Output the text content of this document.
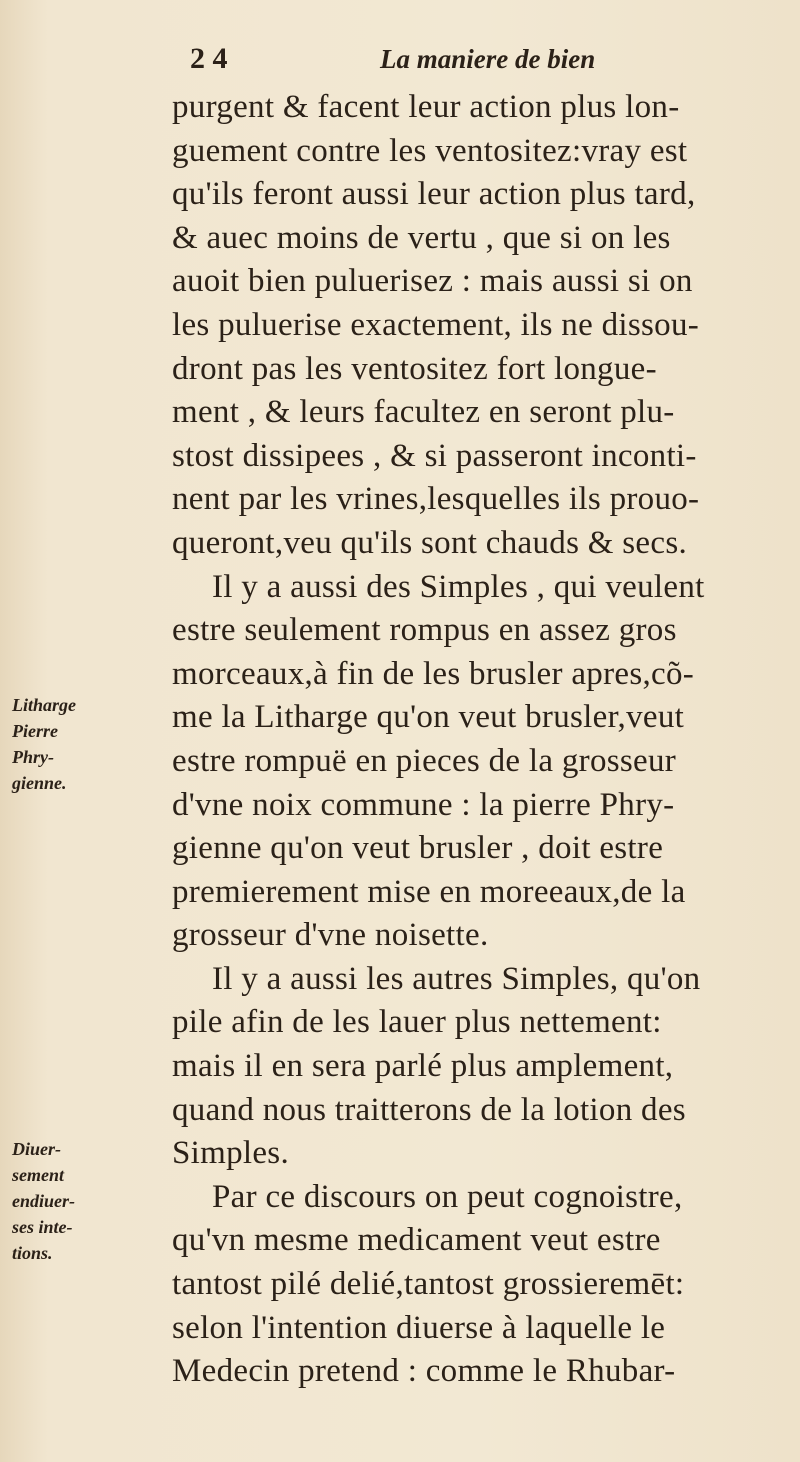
2 4	La maniere de bien
purgent & facent leur action plus lon-
guement contre les ventositez:vray est
qu'ils feront aussi leur action plus tard,
& auec moins de vertu , que si on les
auoit bien puluerisez : mais aussi si on
les puluerise exactement, ils ne dissou-
dront pas les ventositez fort longue-
ment , & leurs facultez en seront plu-
stost dissipees , & si passeront inconti-
nent par les vrines,lesquelles ils prouo-
queront,veu qu'ils sont chauds & secs.
Il y a aussi des Simples , qui veulent
estre seulement rompus en assez gros
morceaux,à fin de les brusler apres,cõ-
me la Litharge qu'on veut brusler,veut
estre rompuë en pieces de la grosseur
d'vne noix commune : la pierre Phry-
gienne qu'on veut brusler , doit estre
premierement mise en moreeaux,de la
grosseur d'vne noisette.
Il y a aussi les autres Simples, qu'on
pile afin de les lauer plus nettement:
mais il en sera parlé plus amplement,
quand nous traitterons de la lotion des
Simples.
Par ce discours on peut cognoistre,
qu'vn mesme medicament veut estre
tantost pilé delié,tantost grossieremēt:
selon l'intention diuerse à laquelle le
Medecin pretend : comme le Rhubar-
Litharge
Pierre
Phry-
gienne.
Diuer-
sement
endiuer-
ses inte-
tions.
